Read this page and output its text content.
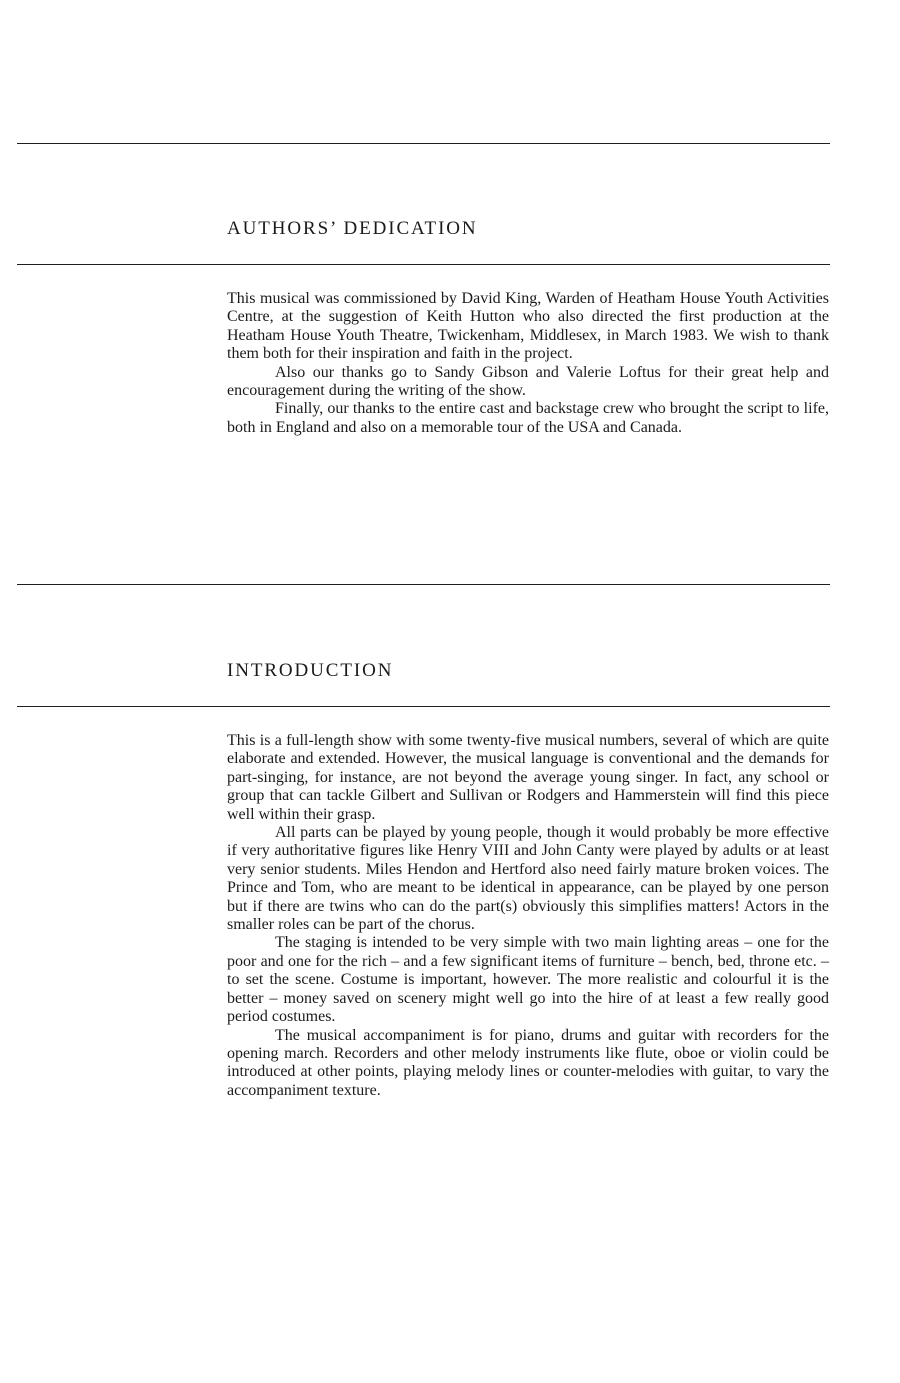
AUTHORS’ DEDICATION

This musical was commissioned by David King, Warden of Heatham House Youth Activities Centre, at the suggestion of Keith Hutton who also directed the first production at the Heatham House Youth Theatre, Twickenham, Middlesex, in March 1983. We wish to thank them both for their inspiration and faith in the project.

Also our thanks go to Sandy Gibson and Valerie Loftus for their great help and encouragement during the writing of the show.

Finally, our thanks to the entire cast and backstage crew who brought the script to life, both in England and also on a memorable tour of the USA and Canada.

INTRODUCTION

This is a full-length show with some twenty-five musical numbers, several of which are quite elaborate and extended. However, the musical language is conventional and the demands for part-singing, for instance, are not beyond the average young singer. In fact, any school or group that can tackle Gilbert and Sullivan or Rodgers and Hammerstein will find this piece well within their grasp.

All parts can be played by young people, though it would probably be more effective if very authoritative figures like Henry VIII and John Canty were played by adults or at least very senior students. Miles Hendon and Hertford also need fairly mature broken voices. The Prince and Tom, who are meant to be identical in appearance, can be played by one person but if there are twins who can do the part(s) obviously this simplifies matters! Actors in the smaller roles can be part of the chorus.

The staging is intended to be very simple with two main lighting areas – one for the poor and one for the rich – and a few significant items of furniture – bench, bed, throne etc. – to set the scene. Costume is important, however. The more realistic and colourful it is the better – money saved on scenery might well go into the hire of at least a few really good period costumes.

The musical accompaniment is for piano, drums and guitar with recorders for the opening march. Recorders and other melody instruments like flute, oboe or violin could be introduced at other points, playing melody lines or counter-melodies with guitar, to vary the accompaniment texture.
